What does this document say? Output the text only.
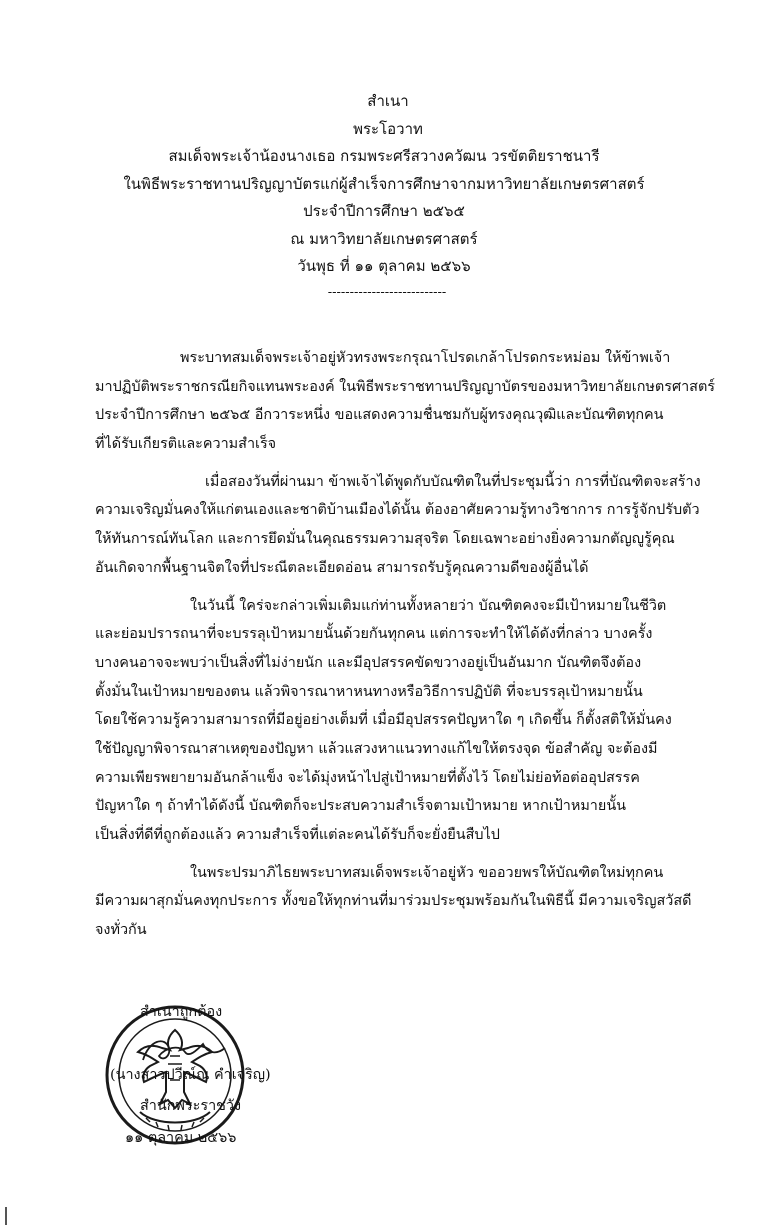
สำเนา
พระโอวาท
สมเด็จพระเจ้าน้องนางเธอ กรมพระศรีสวางควัฒน วรขัตติยราชนารี
ในพิธีพระราชทานปริญญาบัตรแก่ผู้สำเร็จการศึกษาจากมหาวิทยาลัยเกษตรศาสตร์
ประจำปีการศึกษา ๒๕๖๕
ณ มหาวิทยาลัยเกษตรศาสตร์
วันพุธ ที่ ๑๑ ตุลาคม ๒๕๖๖
---------------------------
พระบาทสมเด็จพระเจ้าอยู่หัวทรงพระกรุณาโปรดเกล้าโปรดกระหม่อม ให้ข้าพเจ้า
มาปฏิบัติพระราชกรณียกิจแทนพระองค์ ในพิธีพระราชทานปริญญาบัตรของมหาวิทยาลัยเกษตรศาสตร์
ประจำปีการศึกษา ๒๕๖๕ อีกวาระหนึ่ง ขอแสดงความชื่นชมกับผู้ทรงคุณวุฒิและบัณฑิตทุกคน
ที่ได้รับเกียรติและความสำเร็จ
เมื่อสองวันที่ผ่านมา ข้าพเจ้าได้พูดกับบัณฑิตในที่ประชุมนี้ว่า การที่บัณฑิตจะสร้าง
ความเจริญมั่นคงให้แก่ตนเองและชาติบ้านเมืองได้นั้น ต้องอาศัยความรู้ทางวิชาการ การรู้จักปรับตัว
ให้ทันการณ์ทันโลก และการยึดมั่นในคุณธรรมความสุจริต โดยเฉพาะอย่างยิ่งความกตัญญูรู้คุณ
อันเกิดจากพื้นฐานจิตใจที่ประณีตละเอียดอ่อน สามารถรับรู้คุณความดีของผู้อื่นได้
ในวันนี้ ใคร่จะกล่าวเพิ่มเติมแก่ท่านทั้งหลายว่า บัณฑิตคงจะมีเป้าหมายในชีวิต
และย่อมปรารถนาที่จะบรรลุเป้าหมายนั้นด้วยกันทุกคน แต่การจะทำให้ได้ดังที่กล่าว บางครั้ง
บางคนอาจจะพบว่าเป็นสิ่งที่ไม่ง่ายนัก และมีอุปสรรคขัดขวางอยู่เป็นอันมาก บัณฑิตจึงต้อง
ตั้งมั่นในเป้าหมายของตน แล้วพิจารณาหาหนทางหรือวิธีการปฏิบัติ ที่จะบรรลุเป้าหมายนั้น
โดยใช้ความรู้ความสามารถที่มีอยู่อย่างเต็มที่ เมื่อมีอุปสรรคปัญหาใด ๆ เกิดขึ้น ก็ตั้งสติให้มั่นคง
ใช้ปัญญาพิจารณาสาเหตุของปัญหา แล้วแสวงหาแนวทางแก้ไขให้ตรงจุด ข้อสำคัญ จะต้องมี
ความเพียรพยายามอันกล้าแข็ง จะได้มุ่งหน้าไปสู่เป้าหมายที่ตั้งไว้ โดยไม่ย่อท้อต่ออุปสรรค
ปัญหาใด ๆ ถ้าทำได้ดังนี้ บัณฑิตก็จะประสบความสำเร็จตามเป้าหมาย หากเป้าหมายนั้น
เป็นสิ่งที่ดีที่ถูกต้องแล้ว ความสำเร็จที่แต่ละคนได้รับก็จะยั่งยืนสืบไป
ในพระปรมาภิไธยพระบาทสมเด็จพระเจ้าอยู่หัว ขออวยพรให้บัณฑิตใหม่ทุกคน
มีความผาสุกมั่นคงทุกประการ ทั้งขอให้ทุกท่านที่มาร่วมประชุมพร้อมกันในพิธีนี้ มีความเจริญสวัสดี
จงทั่วกัน
สำเนาถูกต้อง
(นางสาวปวีณ์ณ คำเจริญ)
สำนักพระราชวัง
๑๑ ตุลาคม ๒๕๖๖
